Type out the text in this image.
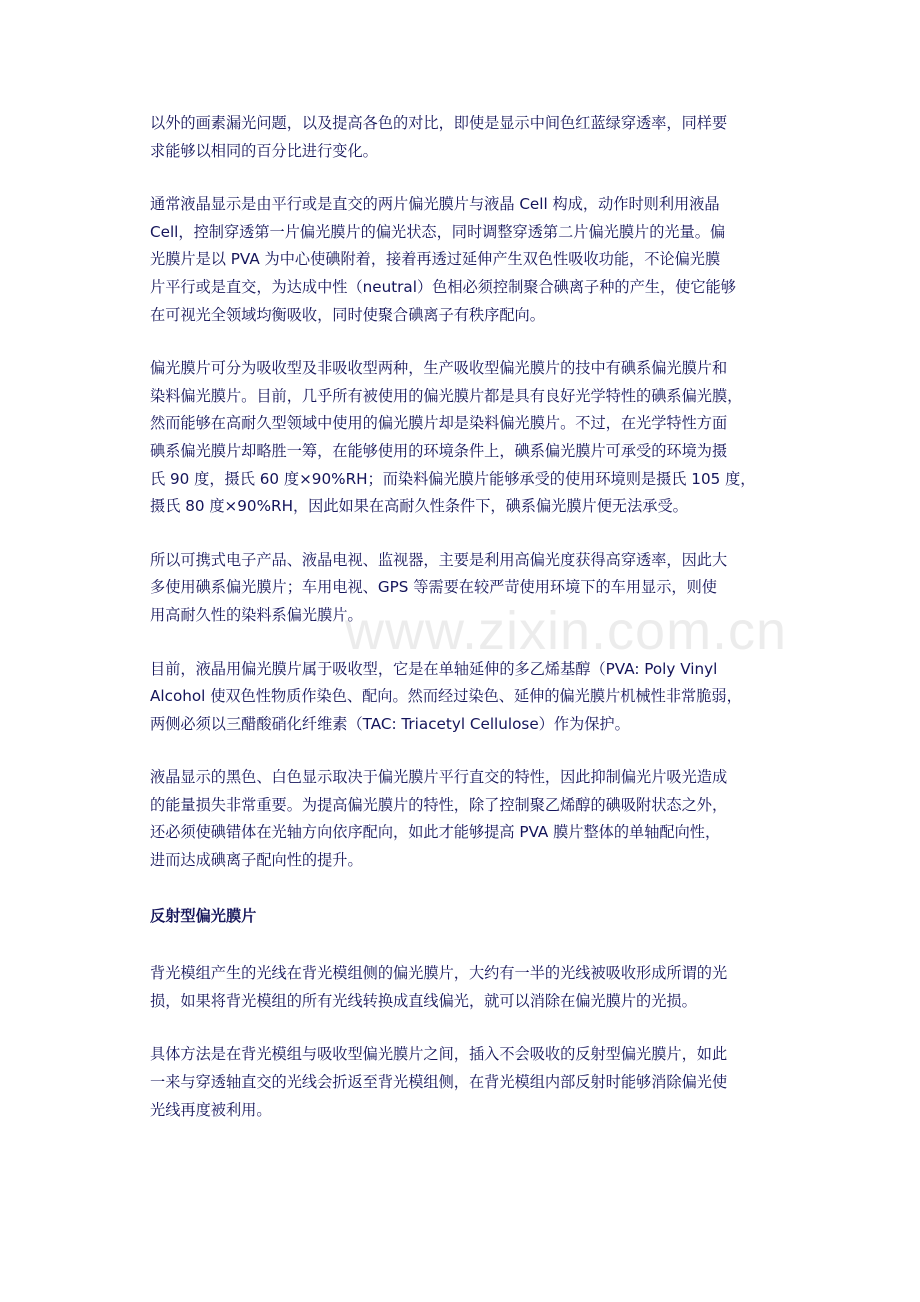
www.zixin.com.cn

以外的画素漏光问题，以及提高各色的对比，即使是显示中间色红蓝绿穿透率，同样要
求能够以相同的百分比进行变化。

通常液晶显示是由平行或是直交的两片偏光膜片与液晶 Cell 构成，动作时则利用液晶
Cell，控制穿透第一片偏光膜片的偏光状态，同时调整穿透第二片偏光膜片的光量。偏
光膜片是以 PVA 为中心使碘附着，接着再透过延伸产生双色性吸收功能，不论偏光膜
片平行或是直交，为达成中性（neutral）色相必须控制聚合碘离子种的产生，使它能够
在可视光全领域均衡吸收，同时使聚合碘离子有秩序配向。

偏光膜片可分为吸收型及非吸收型两种，生产吸收型偏光膜片的技中有碘系偏光膜片和
染料偏光膜片。目前，几乎所有被使用的偏光膜片都是具有良好光学特性的碘系偏光膜，
然而能够在高耐久型领域中使用的偏光膜片却是染料偏光膜片。不过，在光学特性方面
碘系偏光膜片却略胜一筹，在能够使用的环境条件上，碘系偏光膜片可承受的环境为摄
氏 90 度，摄氏 60 度×90%RH；而染料偏光膜片能够承受的使用环境则是摄氏 105 度，
摄氏 80 度×90%RH，因此如果在高耐久性条件下，碘系偏光膜片便无法承受。

所以可携式电子产品、液晶电视、监视器，主要是利用高偏光度获得高穿透率，因此大
多使用碘系偏光膜片；车用电视、GPS 等需要在较严苛使用环境下的车用显示，则使
用高耐久性的染料系偏光膜片。

目前，液晶用偏光膜片属于吸收型，它是在单轴延伸的多乙烯基醇（PVA: Poly Vinyl
Alcohol 使双色性物质作染色、配向。然而经过染色、延伸的偏光膜片机械性非常脆弱，
两侧必须以三醋酸硝化纤维素（TAC: Triacetyl Cellulose）作为保护。

液晶显示的黑色、白色显示取决于偏光膜片平行直交的特性，因此抑制偏光片吸光造成
的能量损失非常重要。为提高偏光膜片的特性，除了控制聚乙烯醇的碘吸附状态之外，
还必须使碘错体在光轴方向依序配向，如此才能够提高 PVA 膜片整体的单轴配向性，
进而达成碘离子配向性的提升。

反射型偏光膜片

背光模组产生的光线在背光模组侧的偏光膜片，大约有一半的光线被吸收形成所谓的光
损，如果将背光模组的所有光线转换成直线偏光，就可以消除在偏光膜片的光损。

具体方法是在背光模组与吸收型偏光膜片之间，插入不会吸收的反射型偏光膜片，如此
一来与穿透轴直交的光线会折返至背光模组侧，在背光模组内部反射时能够消除偏光使
光线再度被利用。
